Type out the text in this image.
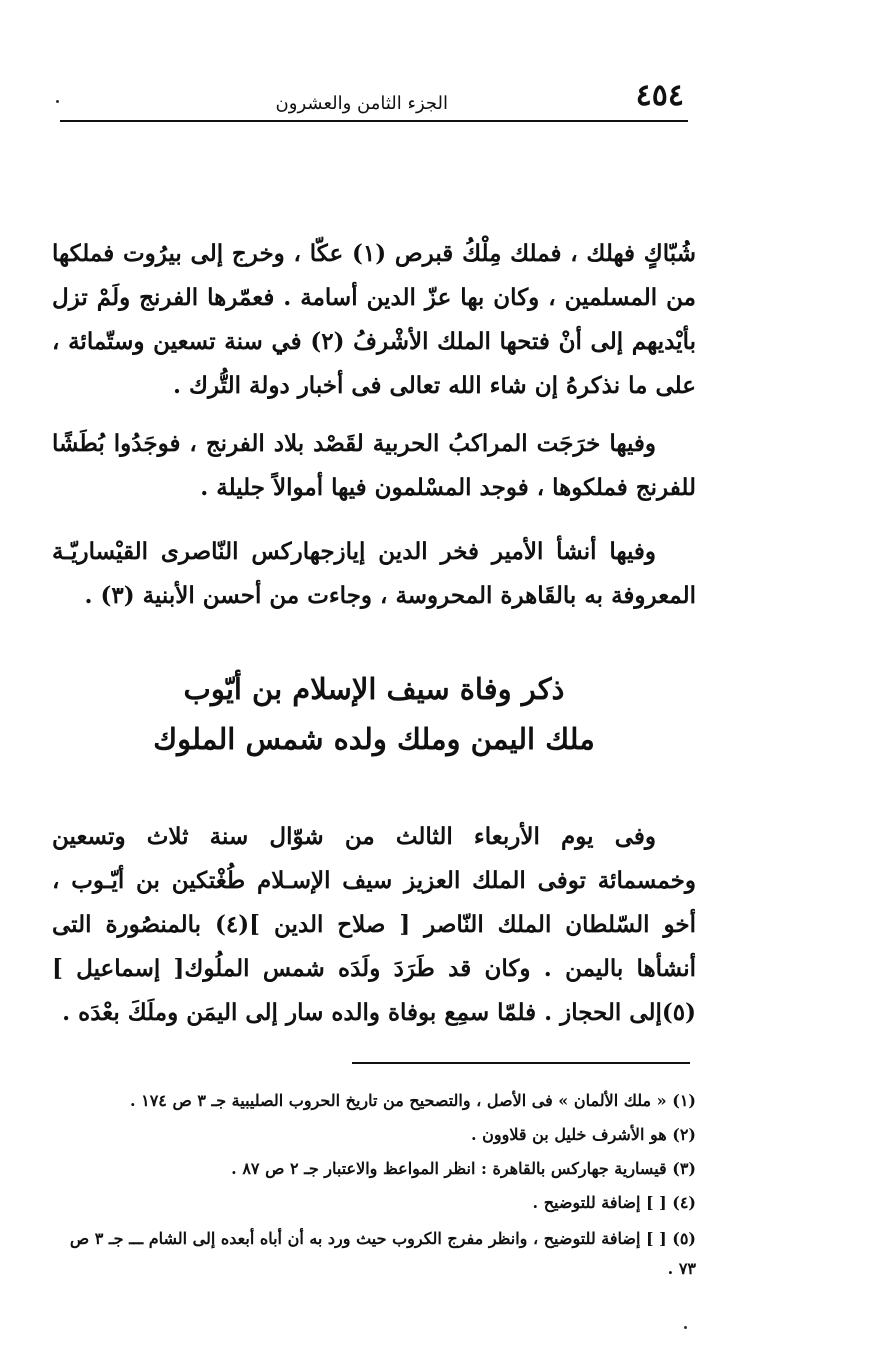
٤٥٤
الجزء الثامن والعشرون

شُبّاكٍ فهلك ، فملك مِلْكُ قبرص (١) عكّا ، وخرج إلى بيرُوت فملكها من المسلمين ، وكان بها عزّ الدين أسامة . فعمّرها الفرنج ولَمْ تزل بأيْديهم إلى أنْ فتحها الملك الأشْرفُ (٢) في سنة تسعين وستّمائة ، على ما نذكرهُ إن شاء الله تعالى فى أخبار دولة التُّرك .

وفيها خرَجَت المراكبُ الحربية لقَصْد بلاد الفرنج ، فوجَدُوا بُطَشًا للفرنج فملكوها ، فوجد المسْلمون فيها أموالاً جليلة .

وفيها أنشأ الأمير فخر الدين إيازجهاركس النّاصرى القيْساريّـة المعروفة به بالقَاهرة المحروسة ، وجاءت من أحسن الأبنية (٣) .

ذكر وفاة سيف الإسلام بن أيّوب
ملك اليمن وملك ولده شمس الملوك

وفى يوم الأربعاء الثالث من شوّال سنة ثلاث وتسعين وخمسمائة توفى الملك العزيز سيف الإسـلام طُغْتكين بن أيّـوب ، أخو السّلطان الملك النّاصر [ صلاح الدين ](٤) بالمنصُورة التى أنشأها باليمن . وكان قد طَرَدَ ولَدَه شمس الملُوك[ إسماعيل ](٥)إلى الحجاز . فلمّا سمِع بوفاة والده سار إلى اليمَن وملَكَ بعْدَه .

(١) « ملك الألمان » فى الأصل ، والتصحيح من تاريخ الحروب الصليبية جـ ٣ ص ١٧٤ .
(٢) هو الأشرف خليل بن قلاوون .
(٣) قيسارية جهاركس بالقاهرة : انظر المواعظ والاعتبار جـ ٢ ص ٨٧ .
(٤) [ ] إضافة للتوضيح .
(٥) [ ] إضافة للتوضيح ، وانظر مفرج الكروب حيث ورد به أن أباه أبعده إلى الشام ـــ جـ ٣ ص ٧٣ .
